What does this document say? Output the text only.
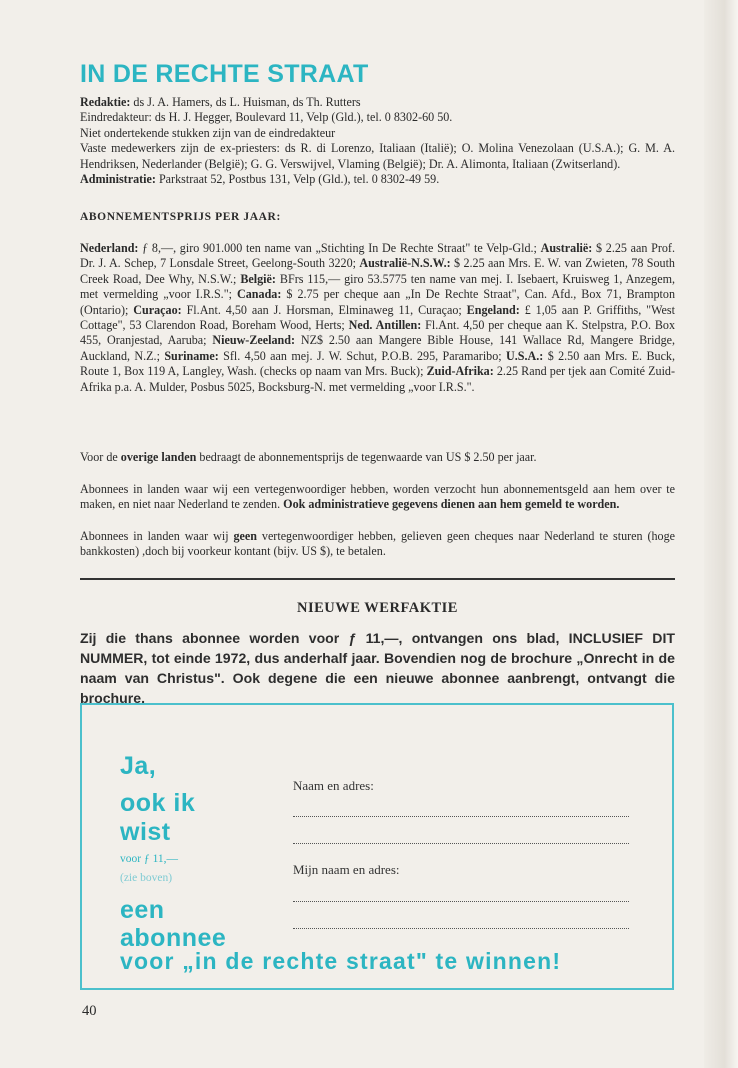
IN DE RECHTE STRAAT

Redaktie: ds J. A. Hamers, ds L. Huisman, ds Th. Rutters
Eindredakteur: ds H. J. Hegger, Boulevard 11, Velp (Gld.), tel. 0 8302-60 50.
Niet ondertekende stukken zijn van de eindredakteur
Vaste medewerkers zijn de ex-priesters: ds R. di Lorenzo, Italiaan (Italië); O. Molina Venezolaan (U.S.A.); G. M. A. Hendriksen, Nederlander (België); G. G. Verswijvel, Vlaming (België); Dr. A. Alimonta, Italiaan (Zwitserland).
Administratie: Parkstraat 52, Postbus 131, Velp (Gld.), tel. 0 8302-49 59.

ABONNEMENTSPRIJS PER JAAR:

Nederland: ƒ 8,—, giro 901.000 ten name van „Stichting In De Rechte Straat" te Velp-Gld.; Australië: $ 2.25 aan Prof. Dr. J. A. Schep, 7 Lonsdale Street, Geelong-South 3220; Australië-N.S.W.: $ 2.25 aan Mrs. E. W. van Zwieten, 78 South Creek Road, Dee Why, N.S.W.; België: BFrs 115,— giro 53.5775 ten name van mej. I. Isebaert, Kruisweg 1, Anzegem, met vermelding „voor I.R.S."; Canada: $ 2.75 per cheque aan „In De Rechte Straat", Can. Afd., Box 71, Brampton (Ontario); Curaçao: Fl.Ant. 4,50 aan J. Horsman, Elminaweg 11, Curaçao; Engeland: £ 1,05 aan P. Griffiths, "West Cottage", 53 Clarendon Road, Boreham Wood, Herts; Ned. Antillen: Fl.Ant. 4,50 per cheque aan K. Stelpstra, P.O. Box 455, Oranjestad, Aaruba; Nieuw-Zeeland: NZ$ 2.50 aan Mangere Bible House, 141 Wallace Rd, Mangere Bridge, Auckland, N.Z.; Suriname: Sfl. 4,50 aan mej. J. W. Schut, P.O.B. 295, Paramaribo; U.S.A.: $ 2.50 aan Mrs. E. Buck, Route 1, Box 119 A, Langley, Wash. (checks op naam van Mrs. Buck); Zuid-Afrika: 2.25 Rand per tjek aan Comité Zuid-Afrika p.a. A. Mulder, Posbus 5025, Bocksburg-N. met vermelding „voor I.R.S.".

Voor de overige landen bedraagt de abonnementsprijs de tegenwaarde van US $ 2.50 per jaar.

Abonnees in landen waar wij een vertegenwoordiger hebben, worden verzocht hun abonnementsgeld aan hem over te maken, en niet naar Nederland te zenden. Ook administratieve gegevens dienen aan hem gemeld te worden.

Abonnees in landen waar wij geen vertegenwoordiger hebben, gelieven geen cheques naar Nederland te sturen (hoge bankkosten) ,doch bij voorkeur kontant (bijv. US $), te betalen.

NIEUWE WERFAKTIE

Zij die thans abonnee worden voor ƒ 11,—, ontvangen ons blad, INCLUSIEF DIT NUMMER, tot einde 1972, dus anderhalf jaar. Bovendien nog de brochure „Onrecht in de naam van Christus". Ook degene die een nieuwe abonnee aanbrengt, ontvangt die brochure.

Ja,

ook ik

wist

voor ƒ 11,—

(zie boven)

een

abonnee

voor „in de rechte straat" te winnen!

Naam en adres:

Mijn naam en adres:

40
